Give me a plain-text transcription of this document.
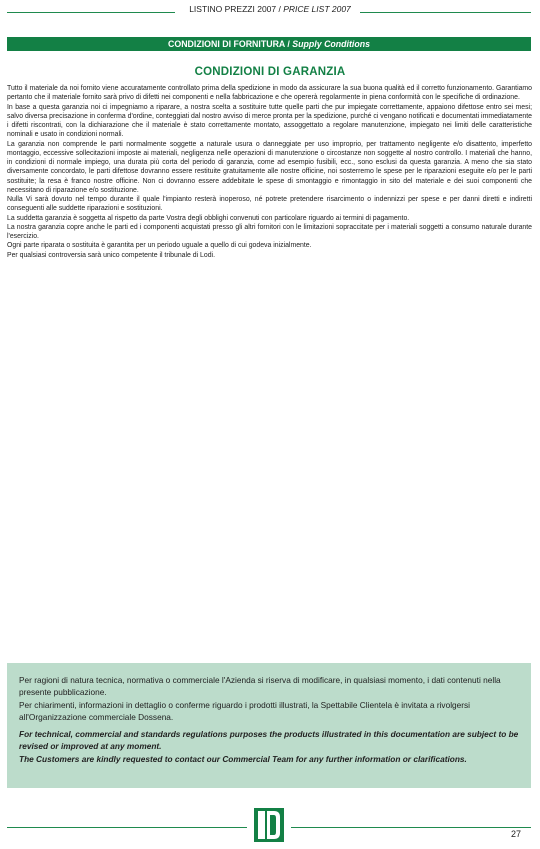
LISTINO PREZZI 2007 / PRICE LIST 2007
CONDIZIONI DI FORNITURA / Supply Conditions
CONDIZIONI DI GARANZIA

Tutto il materiale da noi fornito viene accuratamente controllato prima della spedizione in modo da assicurare la sua buona qualità ed il corretto funzionamento. Garantiamo pertanto che il materiale fornito sarà privo di difetti nei componenti e nella fabbricazione e che opererà regolarmente in piena conformità con le specifiche di ordinazione.

In base a questa garanzia noi ci impegniamo a riparare, a nostra scelta a sostituire tutte quelle parti che pur impiegate correttamente, appaiono difettose entro sei mesi; salvo diversa precisazione in conferma d'ordine, conteggiati dal nostro avviso di merce pronta per la spedizione, purché ci vengano notificati e documentati immediatamente i difetti riscontrati, con la dichiarazione che il materiale è stato correttamente montato, assoggettato a regolare manutenzione, impiegato nei limiti delle caratteristiche nominali e usato in condizioni normali.

La garanzia non comprende le parti normalmente soggette a naturale usura o danneggiate per uso improprio, per trattamento negligente e/o disattento, imperfetto montaggio, eccessive sollecitazioni imposte ai materiali, negligenza nelle operazioni di manutenzione o circostanze non soggette al nostro controllo. I materiali che hanno, in condizioni di normale impiego, una durata più corta del periodo di garanzia, come ad esempio fusibili, ecc., sono esclusi da questa garanzia. A meno che sia stato diversamente concordato, le parti difettose dovranno essere restituite gratuitamente alle nostre officine, noi sosterremo le spese per le riparazioni eseguite e/o per le parti sostituite; la resa è franco nostre officine. Non ci dovranno essere addebitate le spese di smontaggio e rimontaggio in sito del materiale e dei suoi componenti che necessitano di riparazione e/o sostituzione.

Nulla Vi sarà dovuto nel tempo durante il quale l'impianto resterà inoperoso, né potrete pretendere risarcimento o indennizzi per spese e per danni diretti e indiretti conseguenti alle suddette riparazioni e sostituzioni.

La suddetta garanzia è soggetta al rispetto da parte Vostra degli obblighi convenuti con particolare riguardo ai termini di pagamento.

La nostra garanzia copre anche le parti ed i componenti acquistati presso gli altri fornitori con le limitazioni sopraccitate per i materiali soggetti a consumo naturale durante l'esercizio.

Ogni parte riparata o sostituita è garantita per un periodo uguale a quello di cui godeva inizialmente.

Per qualsiasi controversia sarà unico competente il tribunale di Lodi.

Per ragioni di natura tecnica, normativa o commerciale l'Azienda si riserva di modificare, in qualsiasi momento, i dati contenuti nella presente pubblicazione.

Per chiarimenti, informazioni in dettaglio o conferme riguardo i prodotti illustrati, la Spettabile Clientela è invitata a rivolgersi all'Organizzazione commerciale Dossena.

For technical, commercial and standards regulations purposes the products illustrated in this documentation are subject to be revised or improved at any moment.

The Customers are kindly requested to contact our Commercial Team for any further information or clarifications.

27
